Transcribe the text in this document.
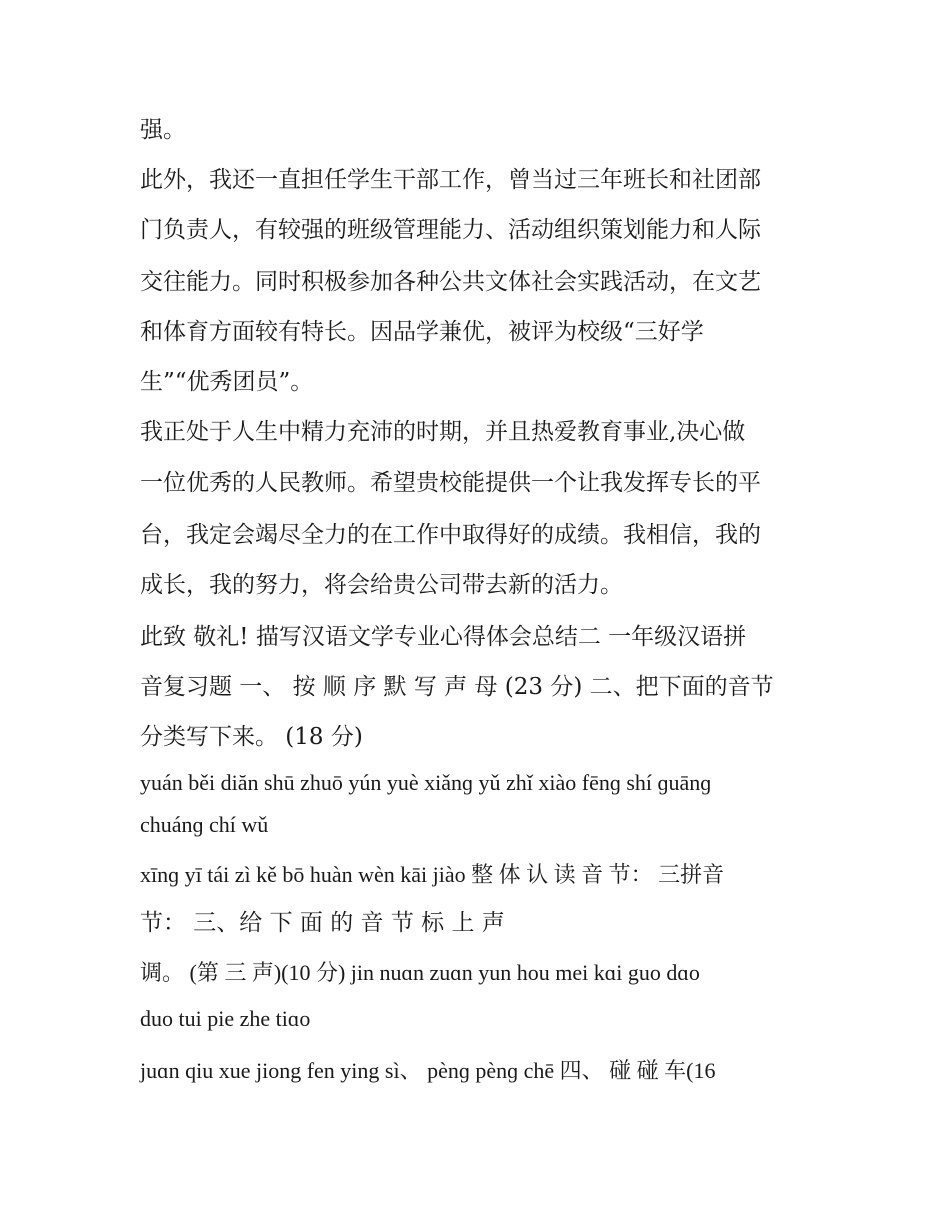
强。
此外，我还一直担任学生干部工作，曾当过三年班长和社团部
门负责人，有较强的班级管理能力、活动组织策划能力和人际
交往能力。同时积极参加各种公共文体社会实践活动，在文艺
和体育方面较有特长。因品学兼优，被评为校级“三好学
生”“优秀团员”。
我正处于人生中精力充沛的时期，并且热爱教育事业,决心做
一位优秀的人民教师。希望贵校能提供一个让我发挥专长的平
台，我定会竭尽全力的在工作中取得好的成绩。我相信，我的
成长，我的努力，将会给贵公司带去新的活力。
此致 敬礼! 描写汉语文学专业心得体会总结二 一年级汉语拼
音复习题 一、 按 顺 序 默 写 声 母 (23 分) 二、把下面的音节
分类写下来。 (18 分)
yuán běi diăn shū zhuō yún yuè xiǎnɡ yǔ zhǐ xiào fēnɡ shí ɡuānɡ
chuánɡ chí wǔ
xīnɡ yī tái zì kě bō huàn wèn kāi jiào 整 体 认 读 音 节： 三拼音
节： 三、给 下 面 的 音 节 标 上 声
调。 (第 三 声)(10 分) jin nuɑn zuɑn yun hou mei kɑi guo dɑo
duo tui pie zhe tiɑo
juɑn qiu xue jiong fen ying sì、 pènɡ pènɡ chē 四、 碰 碰 车(16
